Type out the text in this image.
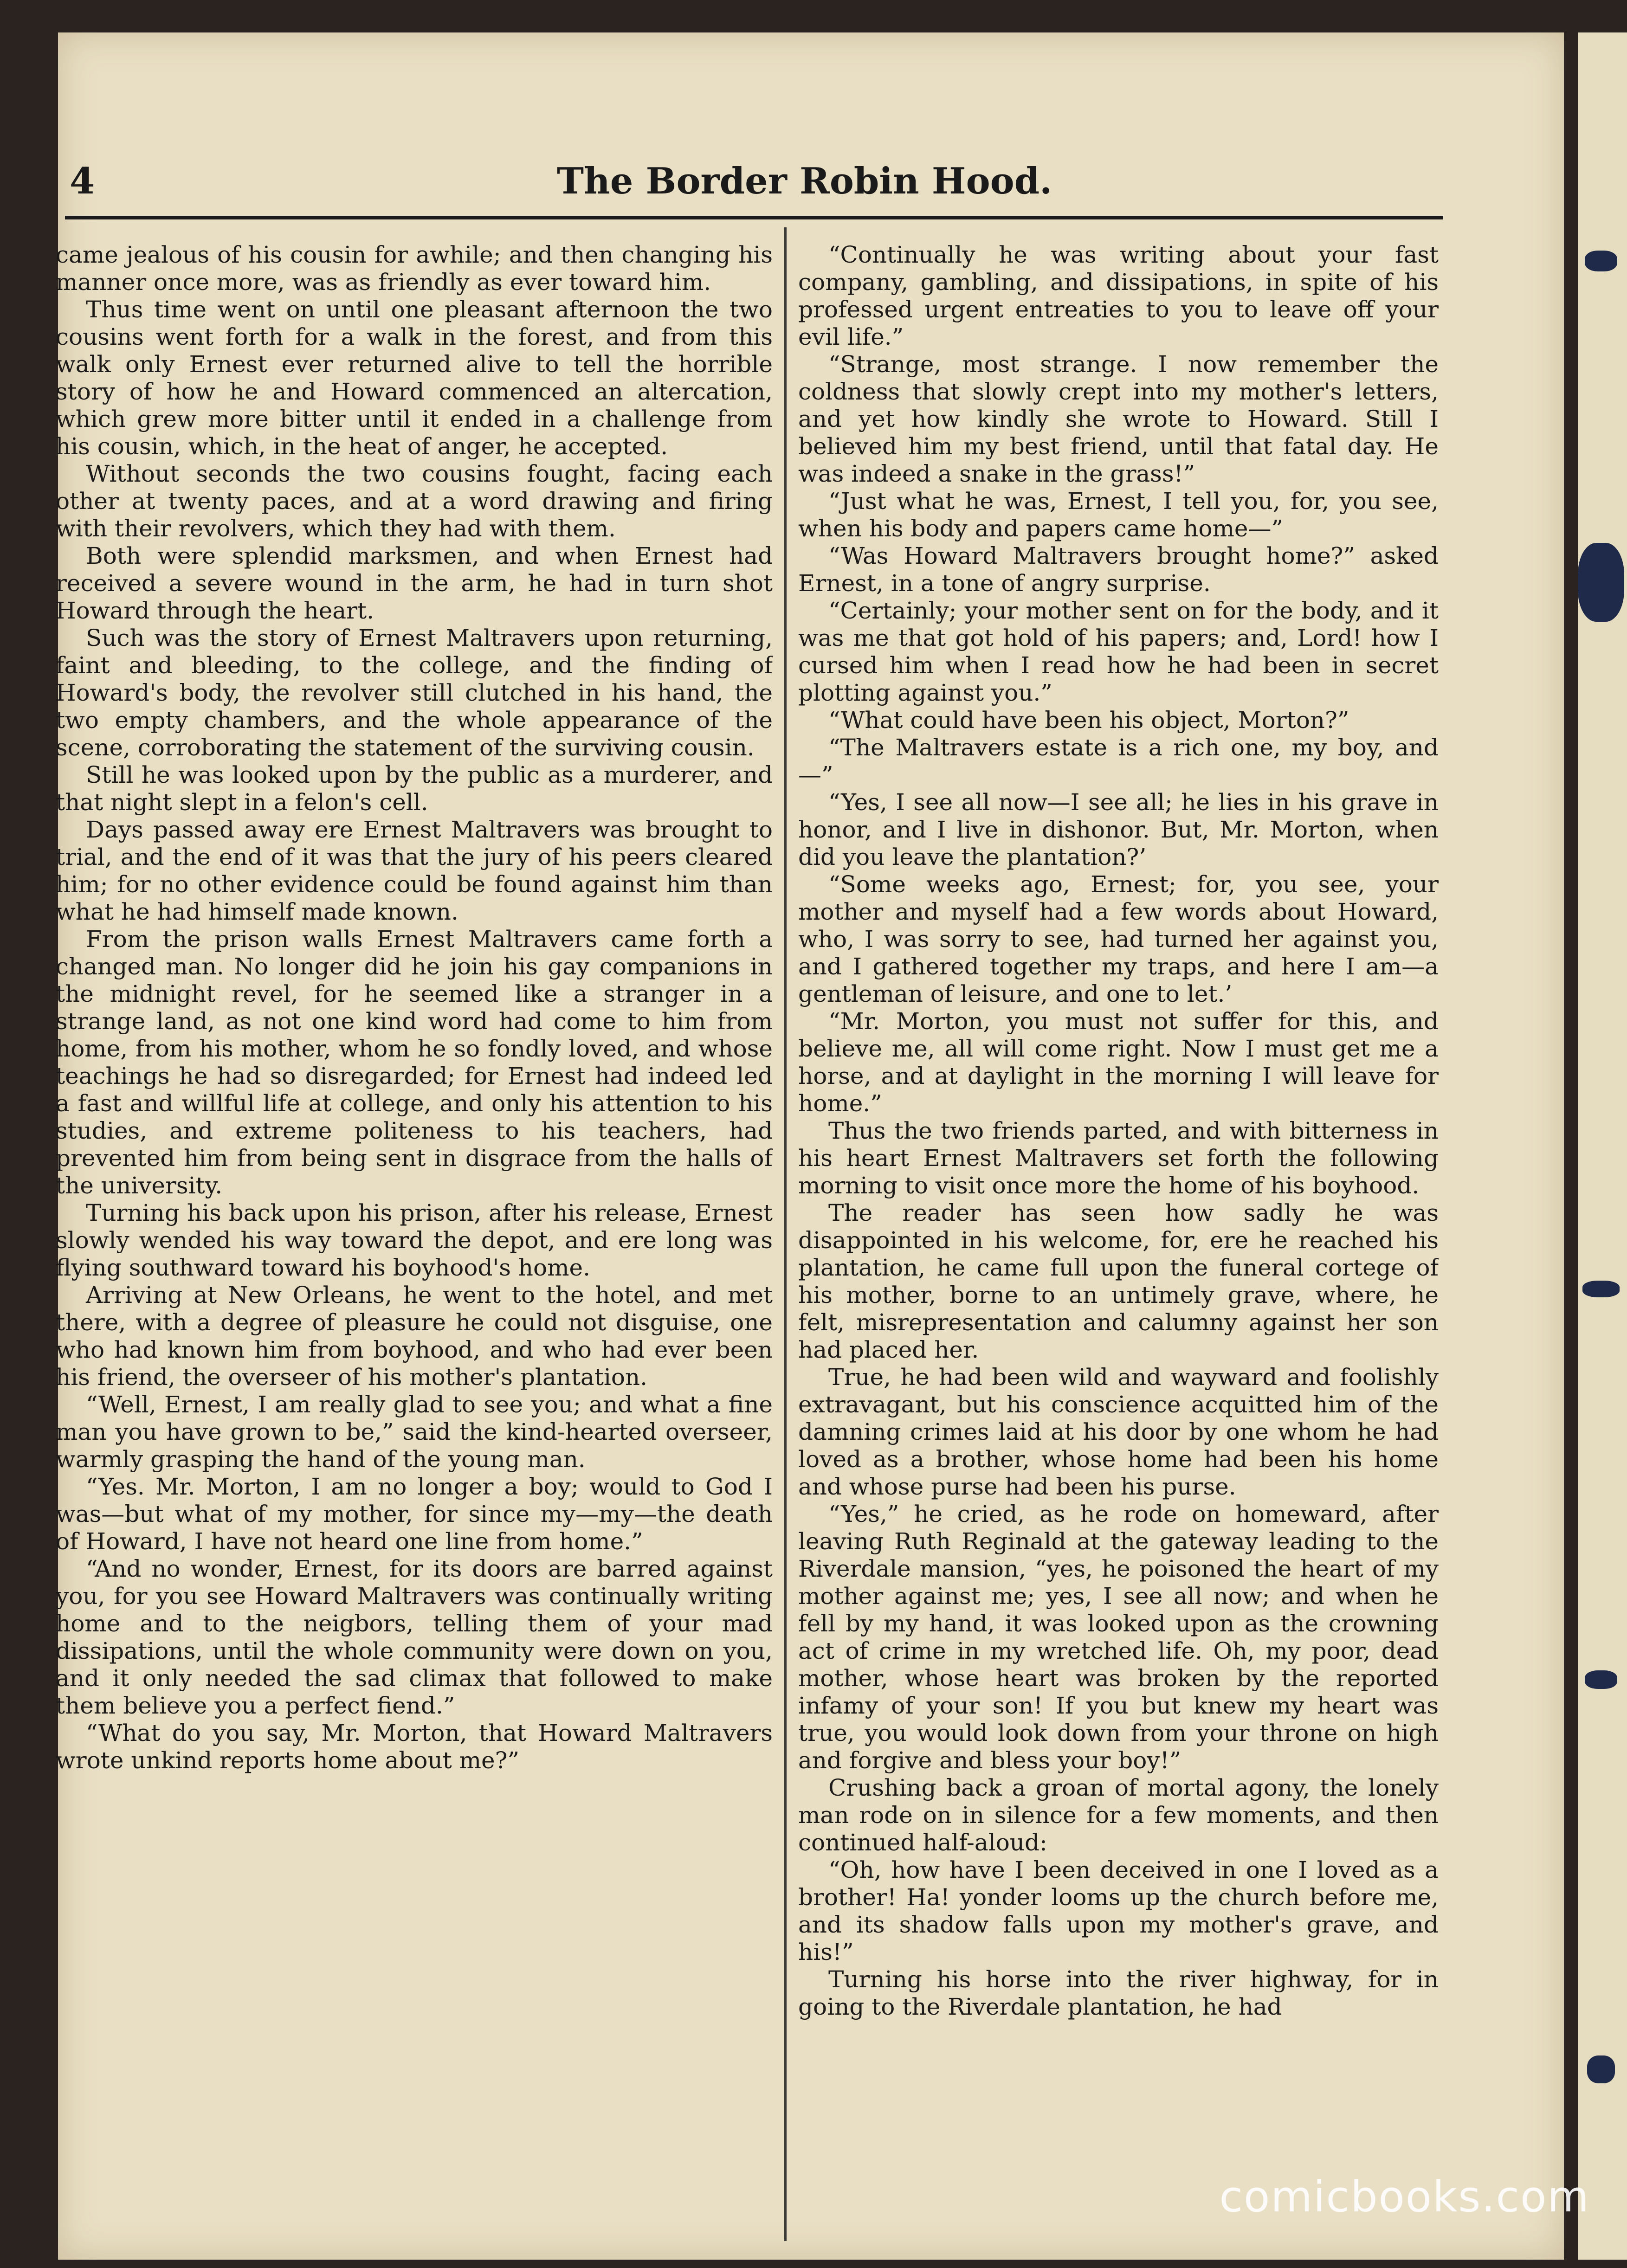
4	The Border Robin Hood.

came jealous of his cousin for awhile; and then changing his manner once more, was as friendly as ever toward him.

Thus time went on until one pleasant afternoon the two cousins went forth for a walk in the forest, and from this walk only Ernest ever returned alive to tell the horrible story of how he and Howard commenced an altercation, which grew more bitter until it ended in a challenge from his cousin, which, in the heat of anger, he accepted.

Without seconds the two cousins fought, facing each other at twenty paces, and at a word drawing and firing with their revolvers, which they had with them.

Both were splendid marksmen, and when Ernest had received a severe wound in the arm, he had in turn shot Howard through the heart.

Such was the story of Ernest Maltravers upon returning, faint and bleeding, to the college, and the finding of Howard's body, the revolver still clutched in his hand, the two empty chambers, and the whole appearance of the scene, corroborating the statement of the surviving cousin.

Still he was looked upon by the public as a murderer, and that night slept in a felon's cell.

Days passed away ere Ernest Maltravers was brought to trial, and the end of it was that the jury of his peers cleared him; for no other evidence could be found against him than what he had himself made known.

From the prison walls Ernest Maltravers came forth a changed man. No longer did he join his gay companions in the midnight revel, for he seemed like a stranger in a strange land, as not one kind word had come to him from home, from his mother, whom he so fondly loved, and whose teachings he had so disregarded; for Ernest had indeed led a fast and willful life at college, and only his attention to his studies, and extreme politeness to his teachers, had prevented him from being sent in disgrace from the halls of the university.

Turning his back upon his prison, after his release, Ernest slowly wended his way toward the depot, and ere long was flying southward toward his boyhood's home.

Arriving at New Orleans, he went to the hotel, and met there, with a degree of pleasure he could not disguise, one who had known him from boyhood, and who had ever been his friend, the overseer of his mother's plantation.

“Well, Ernest, I am really glad to see you; and what a fine man you have grown to be,” said the kind-hearted overseer, warmly grasping the hand of the young man.

“Yes. Mr. Morton, I am no longer a boy; would to God I was—but what of my mother, for since my—my—the death of Howard, I have not heard one line from home.”

“And no wonder, Ernest, for its doors are barred against you, for you see Howard Maltravers was continually writing home and to the neigbors, telling them of your mad dissipations, until the whole community were down on you, and it only needed the sad climax that followed to make them believe you a perfect fiend.”

“What do you say, Mr. Morton, that Howard Maltravers wrote unkind reports home about me?”

“Continually he was writing about your fast company, gambling, and dissipations, in spite of his professed urgent entreaties to you to leave off your evil life.”

“Strange, most strange. I now remember the coldness that slowly crept into my mother's letters, and yet how kindly she wrote to Howard. Still I believed him my best friend, until that fatal day. He was indeed a snake in the grass!”

“Just what he was, Ernest, I tell you, for, you see, when his body and papers came home—”

“Was Howard Maltravers brought home?” asked Ernest, in a tone of angry surprise.

“Certainly; your mother sent on for the body, and it was me that got hold of his papers; and, Lord! how I cursed him when I read how he had been in secret plotting against you.”

“What could have been his object, Morton?”

“The Maltravers estate is a rich one, my boy, and—”

“Yes, I see all now—I see all; he lies in his grave in honor, and I live in dishonor. But, Mr. Morton, when did you leave the plantation?’

“Some weeks ago, Ernest; for, you see, your mother and myself had a few words about Howard, who, I was sorry to see, had turned her against you, and I gathered together my traps, and here I am—a gentleman of leisure, and one to let.’

“Mr. Morton, you must not suffer for this, and believe me, all will come right. Now I must get me a horse, and at daylight in the morning I will leave for home.”

Thus the two friends parted, and with bitterness in his heart Ernest Maltravers set forth the following morning to visit once more the home of his boyhood.

The reader has seen how sadly he was disappointed in his welcome, for, ere he reached his plantation, he came full upon the funeral cortege of his mother, borne to an untimely grave, where, he felt, misrepresentation and calumny against her son had placed her.

True, he had been wild and wayward and foolishly extravagant, but his conscience acquitted him of the damning crimes laid at his door by one whom he had loved as a brother, whose home had been his home and whose purse had been his purse.

“Yes,” he cried, as he rode on homeward, after leaving Ruth Reginald at the gateway leading to the Riverdale mansion, “yes, he poisoned the heart of my mother against me; yes, I see all now; and when he fell by my hand, it was looked upon as the crowning act of crime in my wretched life. Oh, my poor, dead mother, whose heart was broken by the reported infamy of your son! If you but knew my heart was true, you would look down from your throne on high and forgive and bless your boy!”

Crushing back a groan of mortal agony, the lonely man rode on in silence for a few moments, and then continued half-aloud:

“Oh, how have I been deceived in one I loved as a brother! Ha! yonder looms up the church before me, and its shadow falls upon my mother's grave, and his!”

Turning his horse into the river highway, for in going to the Riverdale plantation, he had

comicbooks.com
